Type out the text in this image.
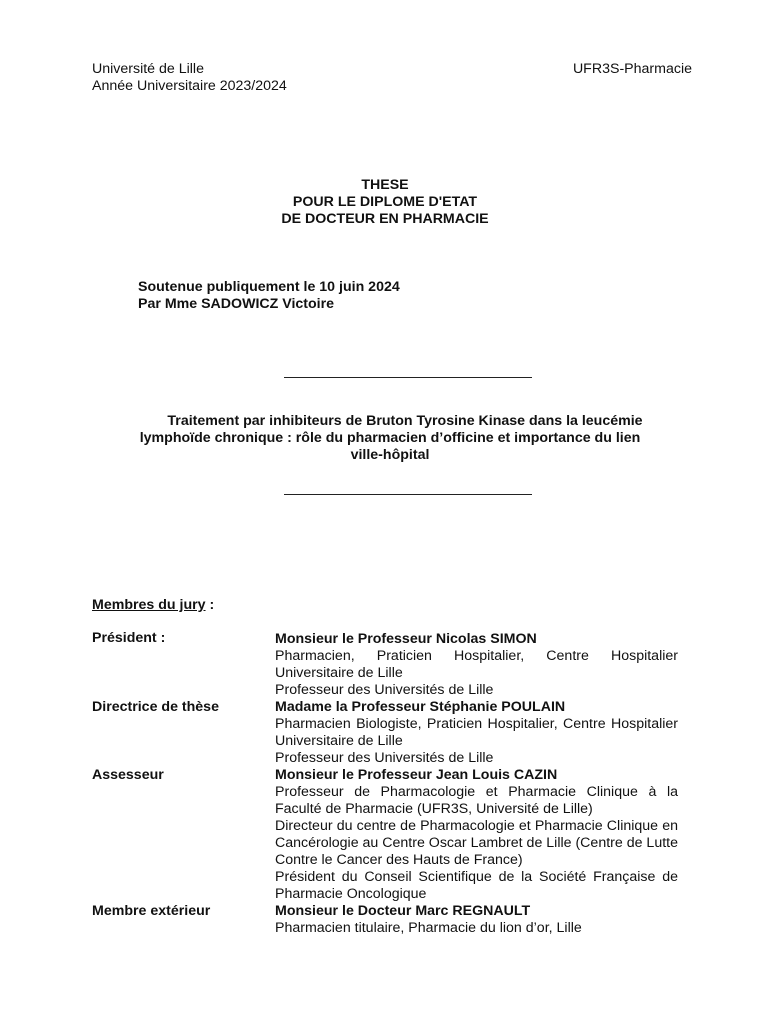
Université de Lille
Année Universitaire 2023/2024
UFR3S-Pharmacie
THESE
POUR LE DIPLOME D'ETAT
DE DOCTEUR EN PHARMACIE
Soutenue publiquement le 10 juin 2024
Par Mme SADOWICZ Victoire
Traitement par inhibiteurs de Bruton Tyrosine Kinase dans la leucémie
lymphoïde chronique : rôle du pharmacien d’officine et importance du lien
ville-hôpital
Membres du jury :
Président :	Monsieur le Professeur Nicolas SIMON
Pharmacien, Praticien Hospitalier, Centre Hospitalier Universitaire de Lille
Professeur des Universités de Lille
Directrice de thèse	Madame la Professeur Stéphanie POULAIN
Pharmacien Biologiste, Praticien Hospitalier, Centre Hospitalier Universitaire de Lille
Professeur des Universités de Lille
Assesseur	Monsieur le Professeur Jean Louis CAZIN
Professeur de Pharmacologie et Pharmacie Clinique à la Faculté de Pharmacie (UFR3S, Université de Lille)
Directeur du centre de Pharmacologie et Pharmacie Clinique en Cancérologie au Centre Oscar Lambret de Lille (Centre de Lutte Contre le Cancer des Hauts de France)
Président du Conseil Scientifique de la Société Française de Pharmacie Oncologique
Membre extérieur	Monsieur le Docteur Marc REGNAULT
Pharmacien titulaire, Pharmacie du lion d’or, Lille
